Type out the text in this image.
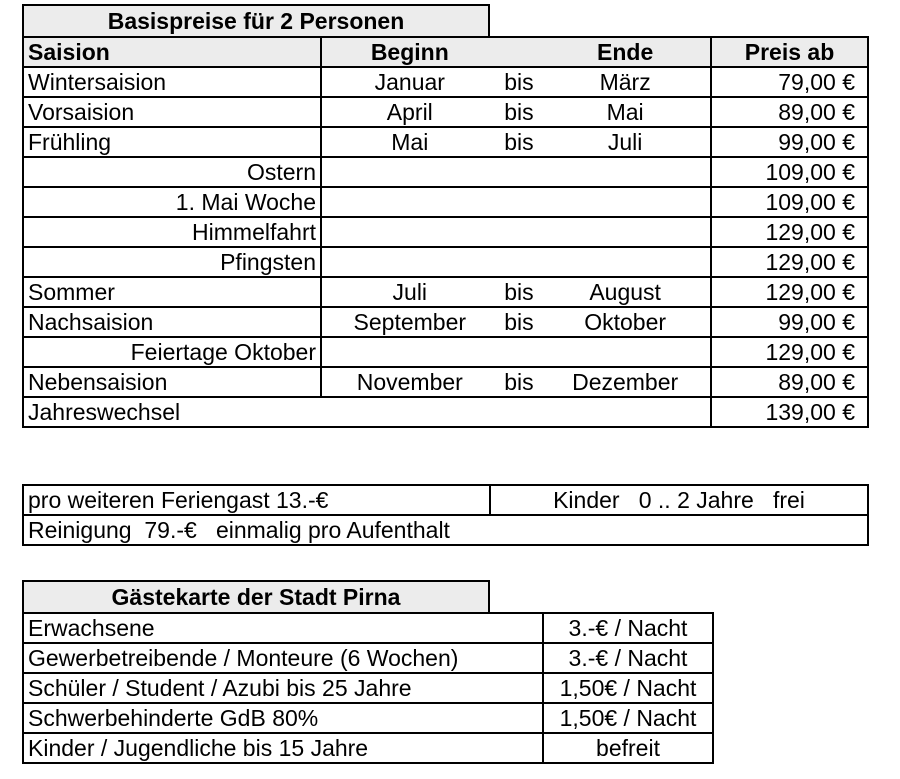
Basispreise für 2 Personen
Saision	Beginn Ende	Preis ab
Wintersaision	Januar bis März	79,00 €
Vorsaision	April bis Mai	89,00 €
Frühling	Mai bis Juli	99,00 €
Ostern		109,00 €
1. Mai Woche		109,00 €
Himmelfahrt		129,00 €
Pfingsten		129,00 €
Sommer	Juli bis August	129,00 €
Nachsaision	September bis Oktober	99,00 €
Feiertage Oktober		129,00 €
Nebensaision	November bis Dezember	89,00 €
Jahreswechsel		139,00 €
pro weiteren Feriengast 13.-€	Kinder   0 .. 2 Jahre   frei
Reinigung  79.-€   einmalig pro Aufenthalt
Gästekarte der Stadt Pirna
Erwachsene	3.-€ / Nacht
Gewerbetreibende / Monteure (6 Wochen)	3.-€ / Nacht
Schüler / Student / Azubi bis 25 Jahre	1,50€ / Nacht
Schwerbehinderte GdB 80%	1,50€ / Nacht
Kinder / Jugendliche bis 15 Jahre	befreit
